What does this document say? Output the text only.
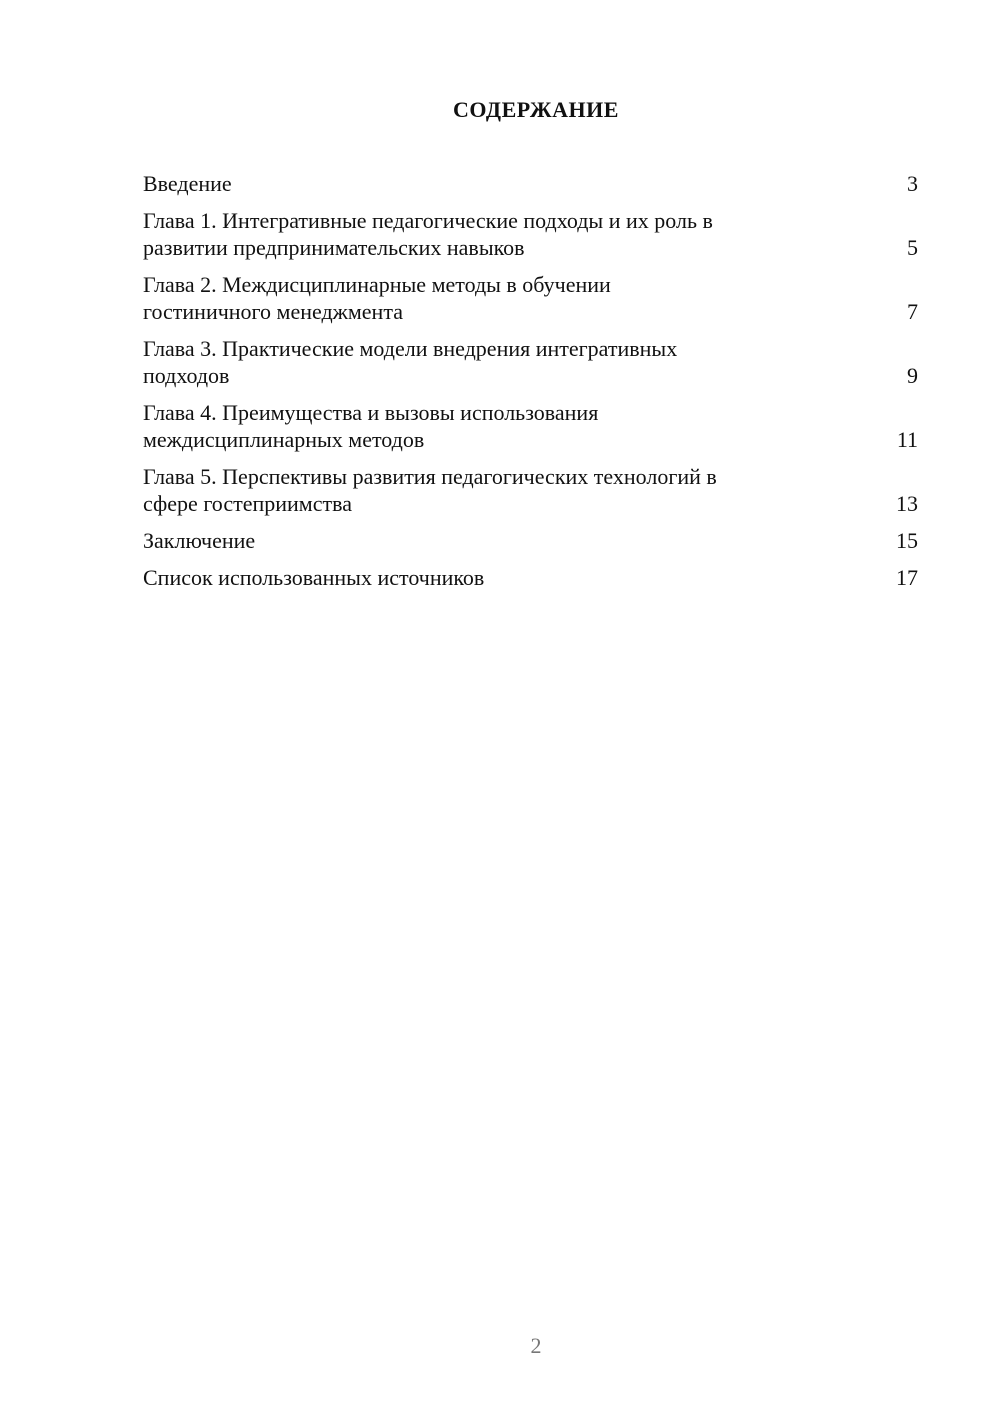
СОДЕРЖАНИЕ
Введение	3
Глава 1. Интегративные педагогические подходы и их роль в
развитии предпринимательских навыков	5
Глава 2. Междисциплинарные методы в обучении
гостиничного менеджмента	7
Глава 3. Практические модели внедрения интегративных
подходов	9
Глава 4. Преимущества и вызовы использования
междисциплинарных методов	11
Глава 5. Перспективы развития педагогических технологий в
сфере гостеприимства	13
Заключение	15
Список использованных источников	17
2
